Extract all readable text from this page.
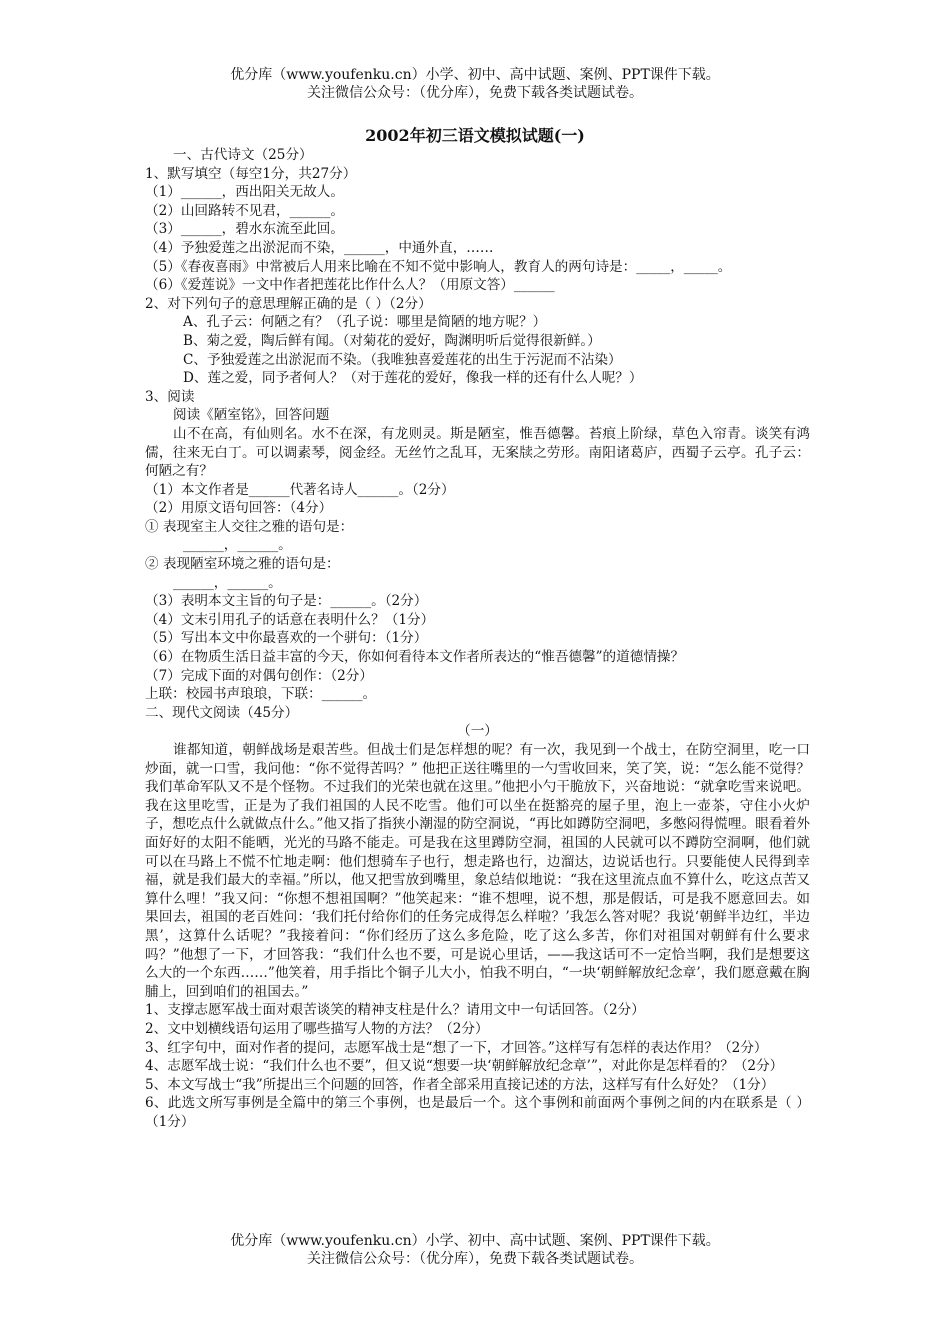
优分库（www.youfenku.cn）小学、初中、高中试题、案例、PPT课件下载。
关注微信公众号：（优分库），免费下载各类试题试卷。
2002年初三语文模拟试题(一)

一、古代诗文（25分）

1、默写填空（每空1分，共27分）

（1）______，西出阳关无故人。

（2）山回路转不见君，______。

（3）______，碧水东流至此回。

（4）予独爱莲之出淤泥而不染，______，中通外直，……

（5）《春夜喜雨》中常被后人用来比喻在不知不觉中影响人，教育人的两句诗是：_____，_____。

（6）《爱莲说》一文中作者把莲花比作什么人？（用原文答）______

2、对下列句子的意思理解正确的是（ ）（2分）

A、孔子云：何陋之有？（孔子说：哪里是简陋的地方呢？）

B、菊之爱，陶后鲜有闻。（对菊花的爱好，陶渊明听后觉得很新鲜。）

C、予独爱莲之出淤泥而不染。（我唯独喜爱莲花的出生于污泥而不沾染）

D、莲之爱，同予者何人？（对于莲花的爱好，像我一样的还有什么人呢？）

3、阅读

阅读《陋室铭》，回答问题

山不在高，有仙则名。水不在深，有龙则灵。斯是陋室，惟吾德馨。苔痕上阶绿，草色入帘青。谈笑有鸿儒，往来无白丁。可以调素琴，阅金经。无丝竹之乱耳，无案牍之劳形。南阳诸葛庐，西蜀子云亭。孔子云：何陋之有？

（1）本文作者是______代著名诗人______。（2分）

（2）用原文语句回答：（4分）

① 表现室主人交往之雅的语句是：

______，______。

② 表现陋室环境之雅的语句是：

______，______。

（3）表明本文主旨的句子是：______。（2分）

（4）文末引用孔子的话意在表明什么？（1分）

（5）写出本文中你最喜欢的一个骈句：（1分）

（6）在物质生活日益丰富的今天，你如何看待本文作者所表达的“惟吾德馨”的道德情操？

（7）完成下面的对偶句创作：（2分）

上联：校园书声琅琅，下联：______。

二、现代文阅读（45分）

（一）

谁都知道，朝鲜战场是艰苦些。但战士们是怎样想的呢？有一次，我见到一个战士，在防空洞里，吃一口炒面，就一口雪，我问他：“你不觉得苦吗？” 他把正送往嘴里的一勺雪收回来，笑了笑，说：“怎么能不觉得？我们革命军队又不是个怪物。不过我们的光荣也就在这里。”他把小勺干脆放下，兴奋地说：“就拿吃雪来说吧。我在这里吃雪，正是为了我们祖国的人民不吃雪。他们可以坐在挺豁亮的屋子里，泡上一壶茶，守住小火炉子，想吃点什么就做点什么。”他又指了指狭小潮湿的防空洞说，“再比如蹲防空洞吧，多憋闷得慌哩。眼看着外面好好的太阳不能晒，光光的马路不能走。可是我在这里蹲防空洞，祖国的人民就可以不蹲防空洞啊，他们就可以在马路上不慌不忙地走啊：他们想骑车子也行，想走路也行，边溜达，边说话也行。只要能使人民得到幸福，就是我们最大的幸福。”所以，他又把雪放到嘴里，象总结似地说：“我在这里流点血不算什么，吃这点苦又算什么哩！”我又问：“你想不想祖国啊？”他笑起来：“谁不想哩，说不想，那是假话，可是我不愿意回去。如果回去，祖国的老百姓问：‘我们托付给你们的任务完成得怎么样啦？’我怎么答对呢？我说‘朝鲜半边红，半边黑’，这算什么话呢？”我接着问：“你们经历了这么多危险，吃了这么多苦，你们对祖国对朝鲜有什么要求吗？”他想了一下，才回答我：“我们什么也不要，可是说心里话，——我这话可不一定恰当啊，我们是想要这么大的一个东西……”他笑着，用手指比个铜子儿大小，怕我不明白，“一块‘朝鲜解放纪念章’，我们愿意戴在胸脯上，回到咱们的祖国去。”

1、支撑志愿军战士面对艰苦谈笑的精神支柱是什么？请用文中一句话回答。（2分）

2、文中划横线语句运用了哪些描写人物的方法？（2分）

3、红字句中，面对作者的提问，志愿军战士是“想了一下，才回答。”这样写有怎样的表达作用？（2分）

4、志愿军战士说：“我们什么也不要”，但又说“想要一块‘朝鲜解放纪念章’”，对此你是怎样看的？（2分）

5、本文写战士“我”所提出三个问题的回答，作者全部采用直接记述的方法，这样写有什么好处？（1分）

6、此选文所写事例是全篇中的第三个事例，也是最后一个。这个事例和前面两个事例之间的内在联系是（ ）（1分）

优分库（www.youfenku.cn）小学、初中、高中试题、案例、PPT课件下载。
关注微信公众号：（优分库），免费下载各类试题试卷。
